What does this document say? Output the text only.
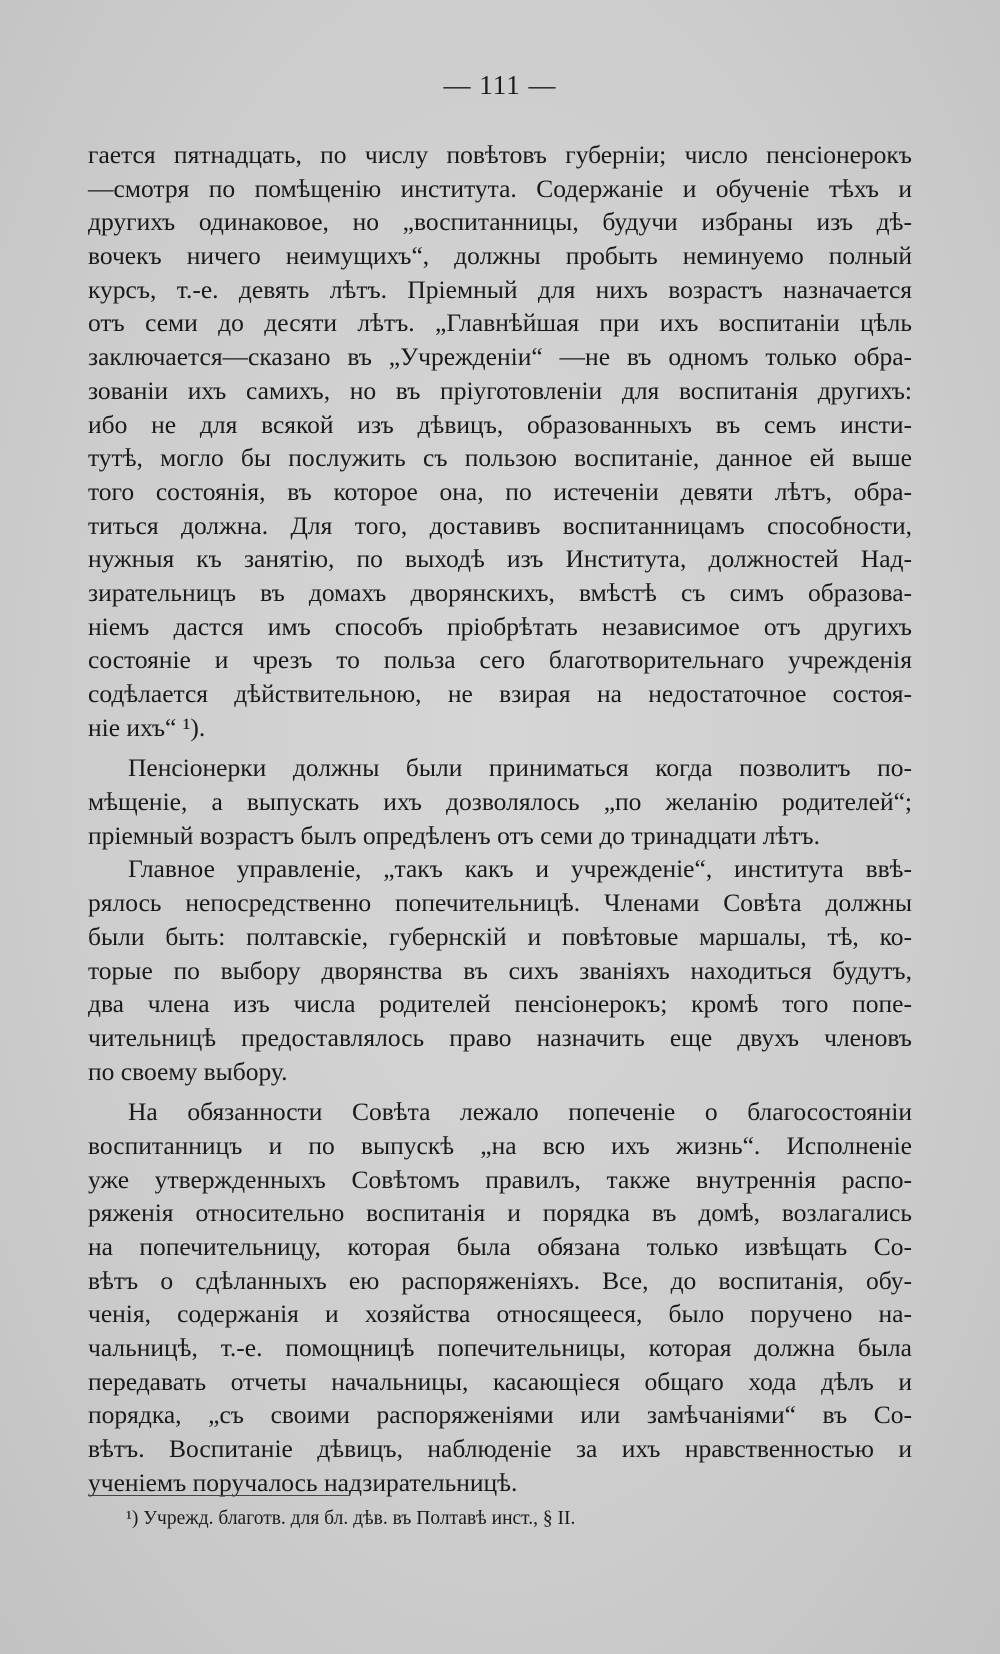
— 111 —
гается пятнадцать, по числу повѣтовъ губерніи; число пенсіонерокъ
—смотря по помѣщенію института. Содержаніе и обученіе тѣхъ и
другихъ одинаковое, но „воспитанницы, будучи избраны изъ дѣ-
вочекъ ничего неимущихъ“, должны пробыть неминуемо полный
курсъ, т.-е. девять лѣтъ. Пріемный для нихъ возрастъ назначается
отъ семи до десяти лѣтъ. „Главнѣйшая при ихъ воспитаніи цѣль
заключается—сказано въ „Учрежденіи“ —не въ одномъ только обра-
зованіи ихъ самихъ, но въ пріуготовленіи для воспитанія другихъ:
ибо не для всякой изъ дѣвицъ, образованныхъ въ семъ инсти-
тутѣ, могло бы послужить съ пользою воспитаніе, данное ей выше
того состоянія, въ которое она, по истеченіи девяти лѣтъ, обра-
титься должна. Для того, доставивъ воспитанницамъ способности,
нужныя къ занятію, по выходѣ изъ Института, должностей Над-
зирательницъ въ домахъ дворянскихъ, вмѣстѣ съ симъ образова-
ніемъ дастся имъ способъ пріобрѣтать независимое отъ другихъ
состояніе и чрезъ то польза сего благотворительнаго учрежденія
содѣлается дѣйствительною, не взирая на недостаточное состоя-
ніе ихъ“ ¹).
Пенсіонерки должны были приниматься когда позволитъ по-
мѣщеніе, а выпускать ихъ дозволялось „по желанію родителей“;
пріемный возрастъ былъ опредѣленъ отъ семи до тринадцати лѣтъ.
Главное управленіе, „такъ какъ и учрежденіе“, института ввѣ-
рялось непосредственно попечительницѣ. Членами Совѣта должны
были быть: полтавскіе, губернскій и повѣтовые маршалы, тѣ, ко-
торые по выбору дворянства въ сихъ званіяхъ находиться будутъ,
два члена изъ числа родителей пенсіонерокъ; кромѣ того попе-
чительницѣ предоставлялось право назначить еще двухъ членовъ
по своему выбору.
На обязанности Совѣта лежало попеченіе о благосостояніи
воспитанницъ и по выпускѣ „на всю ихъ жизнь“. Исполненіе
уже утвержденныхъ Совѣтомъ правилъ, также внутреннія распо-
ряженія относительно воспитанія и порядка въ домѣ, возлагались
на попечительницу, которая была обязана только извѣщать Со-
вѣтъ о сдѣланныхъ ею распоряженіяхъ. Все, до воспитанія, обу-
ченія, содержанія и хозяйства относящееся, было поручено на-
чальницѣ, т.-е. помощницѣ попечительницы, которая должна была
передавать отчеты начальницы, касающіеся общаго хода дѣлъ и
порядка, „съ своими распоряженіями или замѣчаніями“ въ Со-
вѣтъ. Воспитаніе дѣвицъ, наблюденіе за ихъ нравственностью и
ученіемъ поручалось надзирательницѣ.
¹) Учрежд. благотв. для бл. дѣв. въ Полтавѣ инст., § II.
